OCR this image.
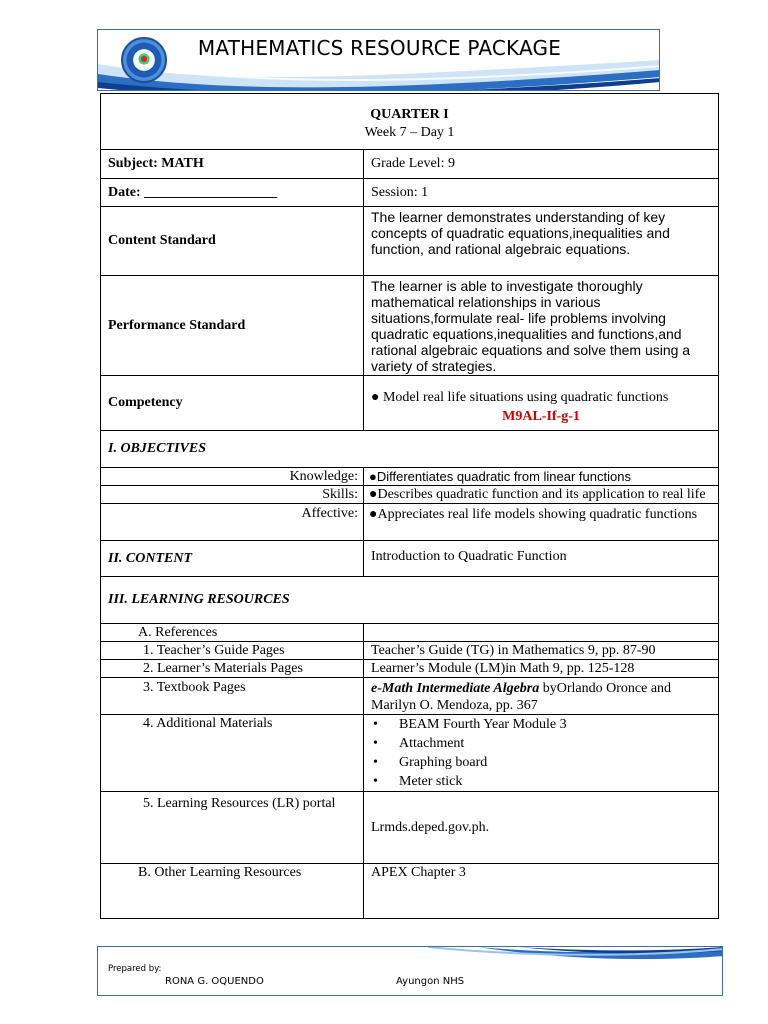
MATHEMATICS RESOURCE PACKAGE
QUARTER I
Week 7 – Day 1	

Subject: MATH	Grade Level: 9
Date: ___________________	Session: 1
Content Standard	The learner demonstrates understanding of key concepts of quadratic equations,inequalities and function, and rational algebraic equations.
Performance Standard	The learner is able to investigate thoroughly mathematical relationships in various situations,formulate real- life problems involving quadratic equations,inequalities and functions,and rational algebraic equations and solve them using a variety of strategies.
Competency	● Model real life situations using quadratic functions
M9AL-If-g-1

I. OBJECTIVES	
Knowledge:	●Differentiates quadratic from linear functions
Skills:	●Describes quadratic function and its application to real life
Affective:	●Appreciates real life models showing quadratic functions
II. CONTENT	Introduction to Quadratic Function
III. LEARNING RESOURCES	
A. References	
1. Teacher’s Guide Pages	Teacher’s Guide (TG) in Mathematics 9, pp. 87-90
2. Learner’s Materials Pages	Learner’s Module (LM)in Math 9, pp. 125-128
3. Textbook Pages	e-Math Intermediate Algebra byOrlando Oronce and Marilyn O. Mendoza, pp. 367
4. Additional Materials	• BEAM Fourth Year Module 3
• Attachment
• Graphing board
• Meter stick

5. Learning Resources (LR) portal	Lrmds.deped.gov.ph.
B. Other Learning Resources	APEX Chapter 3
Prepared by:
RONA G. OQUENDO	Ayungon NHS
